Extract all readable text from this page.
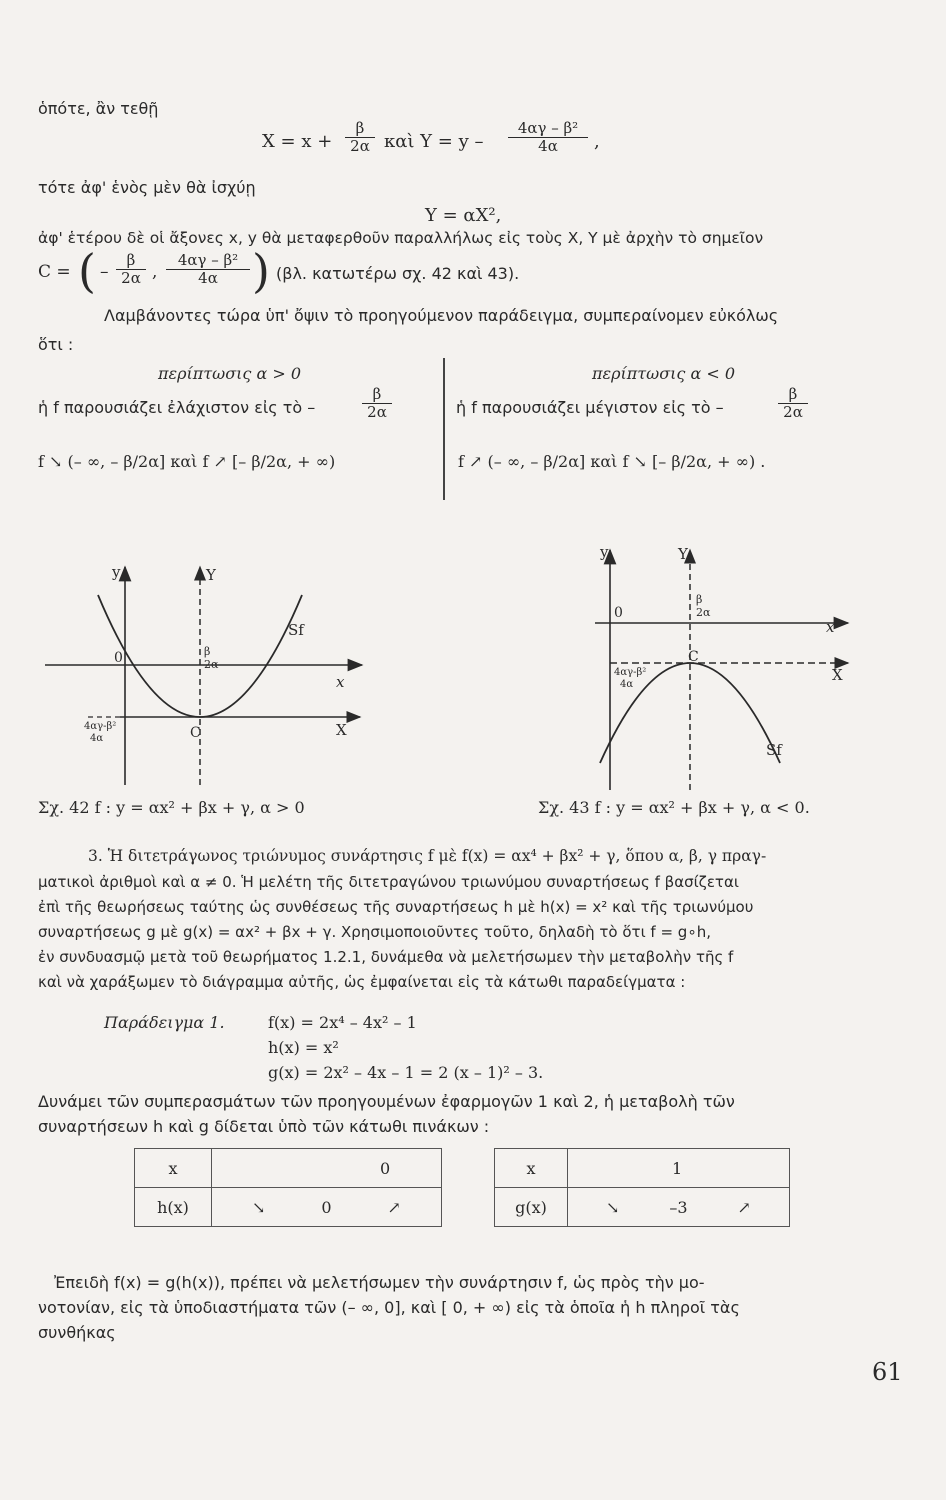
ὁπότε, ἂν τεθῇ
$X = x + \frac{\beta}{2\alpha}$ καὶ $Y = y - \frac{\text{4αγ – β²}}{4\alpha}$ ,
τότε ἀφ' ἑνὸς μὲν θὰ ἰσχύῃ
Y = αX²,
ἀφ' ἑτέρου δὲ οἱ ἄξονες x, y θὰ μεταφερθοῦν παραλλήλως εἰς τοὺς X, Y μὲ ἀρχὴν τὸ σημεῖον
C = ( – $\frac{\beta}{2\alpha}$ , $\frac{\text{4αγ – β²}}{4\alpha}$ ) (βλ. κατωτέρω σχ. 42 καὶ 43).
Λαμβάνοντες τώρα ὑπ' ὄψιν τὸ προηγούμενον παράδειγμα, συμπεραίνομεν εὐκόλως
ὅτι :
περίπτωσις α > 0
ἡ f παρουσιάζει ἐλάχιστον εἰς τὸ –	$\frac{\beta}{2\alpha}$
f ↘ (– ∞, – β/2α] καὶ f ↗ [– β/2α, + ∞)
περίπτωσις α < 0
ἡ f παρουσιάζει μέγιστον εἰς τὸ –	$\frac{\beta}{2\alpha}$
f ↗ (– ∞, – β/2α] καὶ f ↘ [– β/2α, + ∞) .
y	Y
0
x
X
C
Sf
β
2α
4αγ-β²
4α
y	Y
0
x
X
C
Sf
β
2α
4αγ-β²
4α
Σχ. 42 f : y = αx² + βx + γ, α > 0	Σχ. 43 f : y = αx² + βx + γ, α < 0.
3. Ἡ διτετράγωνος τριώνυμος συνάρτησις f μὲ f(x) = αx⁴ + βx² + γ, ὅπου α, β, γ πραγ-
ματικοὶ ἀριθμοὶ καὶ α ≠ 0. Ἡ μελέτη τῆς διτετραγώνου τριωνύμου συναρτήσεως f βασίζεται
ἐπὶ τῆς θεωρήσεως ταύτης ὡς συνθέσεως τῆς συναρτήσεως h μὲ h(x) = x² καὶ τῆς τριωνύμου
συναρτήσεως g μὲ g(x) = αx² + βx + γ. Χρησιμοποιοῦντες τοῦτο, δηλαδὴ τὸ ὅτι f = g∘h,
ἐν συνδυασμῷ μετὰ τοῦ θεωρήματος 1.2.1, δυνάμεθα νὰ μελετήσωμεν τὴν μεταβολὴν τῆς f
καὶ νὰ χαράξωμεν τὸ διάγραμμα αὐτῆς, ὡς ἐμφαίνεται εἰς τὰ κάτωθι παραδείγματα :
Παράδειγμα 1.	f(x) = 2x⁴ – 4x² – 1
h(x) = x²
g(x) = 2x² – 4x – 1 = 2 (x – 1)² – 3.
Δυνάμει τῶν συμπερασμάτων τῶν προηγουμένων ἐφαρμογῶν 1 καὶ 2, ἡ μεταβολὴ τῶν
συναρτήσεων h καὶ g δίδεται ὑπὸ τῶν κάτωθι πινάκων :
x	0		
h(x)	↘	0	↗
x	1		
g(x)	↘	–3	↗
Ἐπειδὴ f(x) = g(h(x)), πρέπει νὰ μελετήσωμεν τὴν συνάρτησιν f, ὡς πρὸς τὴν μο-
νοτονίαν, εἰς τὰ ὑποδιαστήματα τῶν (– ∞, 0], καὶ [ 0, + ∞) εἰς τὰ ὁποῖα ἡ h πληροῖ τὰς
συνθήκας
61
